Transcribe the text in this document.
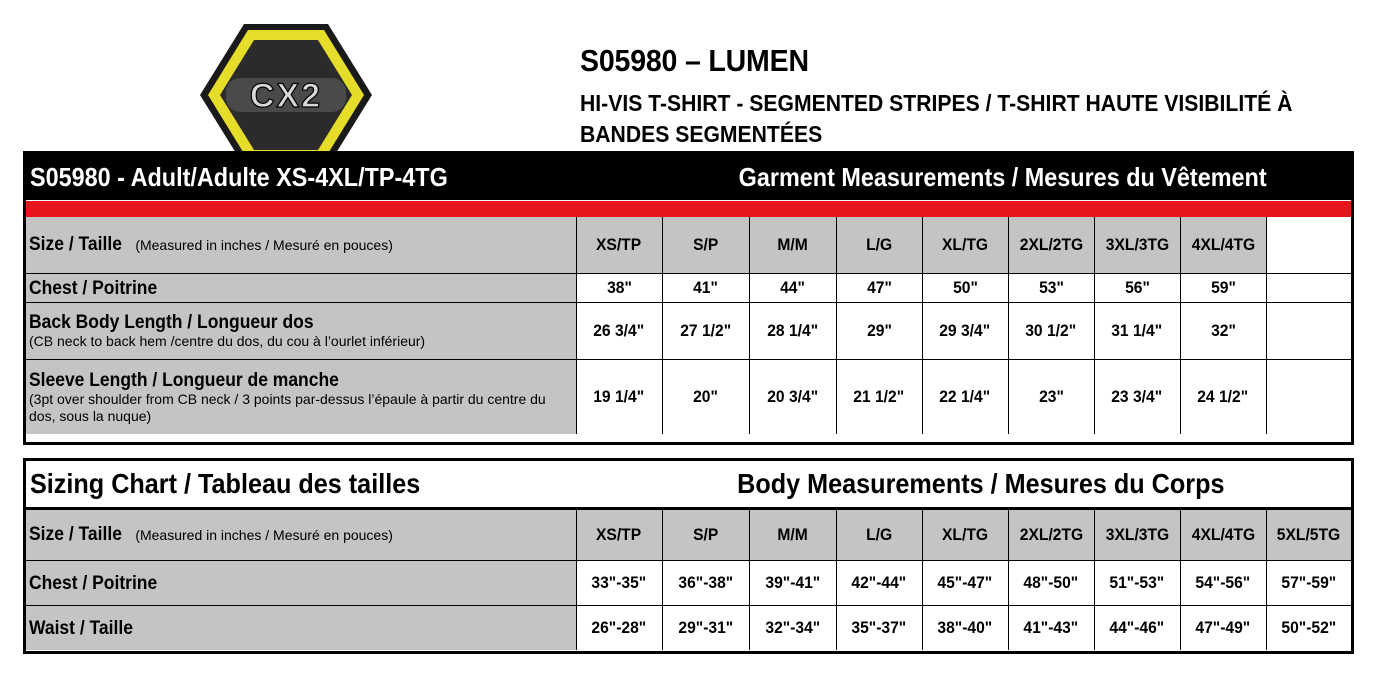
CX2
S05980 – LUMEN
HI-VIS T-SHIRT - SEGMENTED STRIPES / T-SHIRT HAUTE VISIBILITÉ À BANDES SEGMENTÉES
S05980 - Adult/Adulte XS-4XL/TP-4TG	Garment Measurements / Mesures du Vêtement
Size / Taille (Measured in inches / Mesuré en pouces)	XS/TP	S/P	M/M	L/G	XL/TG	2XL/2TG	3XL/3TG	4XL/4TG	
Chest / Poitrine	38"	41"	44"	47"	50"	53"	56"	59"	
Back Body Length / Longueur dos
(CB neck to back hem /centre du dos, du cou à l’ourlet inférieur)	26 3/4"	27 1/2"	28 1/4"	29"	29 3/4"	30 1/2"	31 1/4"	32"	
Sleeve Length / Longueur de manche
(3pt over shoulder from CB neck / 3 points par-dessus l’épaule à partir du centre du dos, sous la nuque)	19 1/4"	20"	20 3/4"	21 1/2"	22 1/4"	23"	23 3/4"	24 1/2"	
Sizing Chart / Tableau des tailles	Body Measurements / Mesures du Corps
Size / Taille (Measured in inches / Mesuré en pouces)	XS/TP	S/P	M/M	L/G	XL/TG	2XL/2TG	3XL/3TG	4XL/4TG	5XL/5TG
Chest / Poitrine	33"-35"	36"-38"	39"-41"	42"-44"	45"-47"	48"-50"	51"-53"	54"-56"	57"-59"
Waist / Taille	26"-28"	29"-31"	32"-34"	35"-37"	38"-40"	41"-43"	44"-46"	47"-49"	50"-52"
